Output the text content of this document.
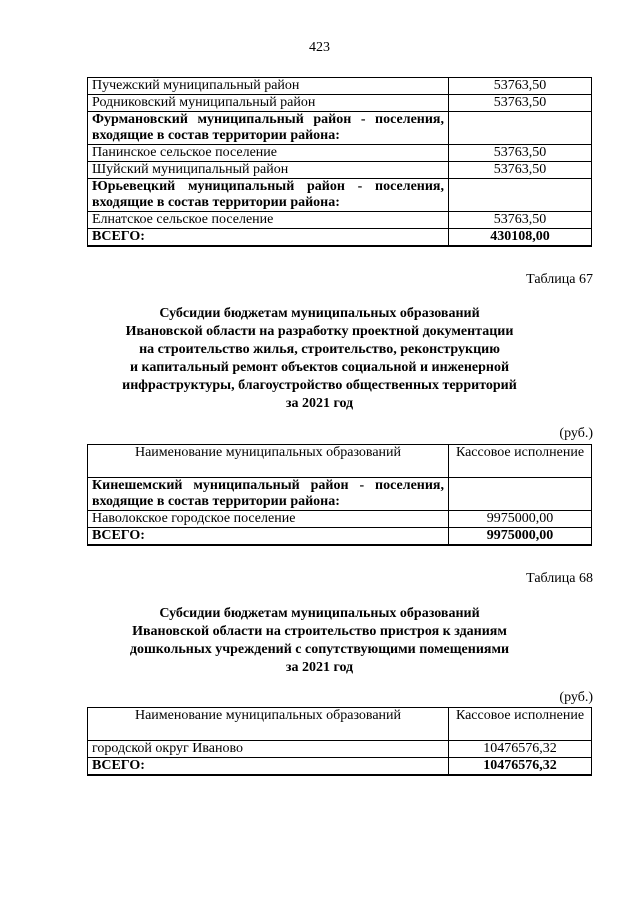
423
Пучежский муниципальный район	53763,50
Родниковский муниципальный район	53763,50
Фурмановский муниципальный район - поселения, входящие в состав территории района:	
Панинское сельское поселение	53763,50
Шуйский муниципальный район	53763,50
Юрьевецкий муниципальный район - поселения, входящие в состав территории района:	
Елнатское сельское поселение	53763,50
ВСЕГО:	430108,00
Таблица 67
Субсидии бюджетам муниципальных образований
Ивановской области на разработку проектной документации
на строительство жилья, строительство, реконструкцию
и капитальный ремонт объектов социальной и инженерной
инфраструктуры, благоустройство общественных территорий
за 2021 год
(руб.)
Наименование муниципальных образований	Кассовое исполнение
Кинешемский муниципальный район - поселения, входящие в состав территории района:	
Наволокское городское поселение	9975000,00
ВСЕГО:	9975000,00
Таблица 68
Субсидии бюджетам муниципальных образований
Ивановской области на строительство пристроя к зданиям
дошкольных учреждений с сопутствующими помещениями
за 2021 год
(руб.)
Наименование муниципальных образований	Кассовое исполнение
городской округ Иваново	10476576,32
ВСЕГО:	10476576,32
